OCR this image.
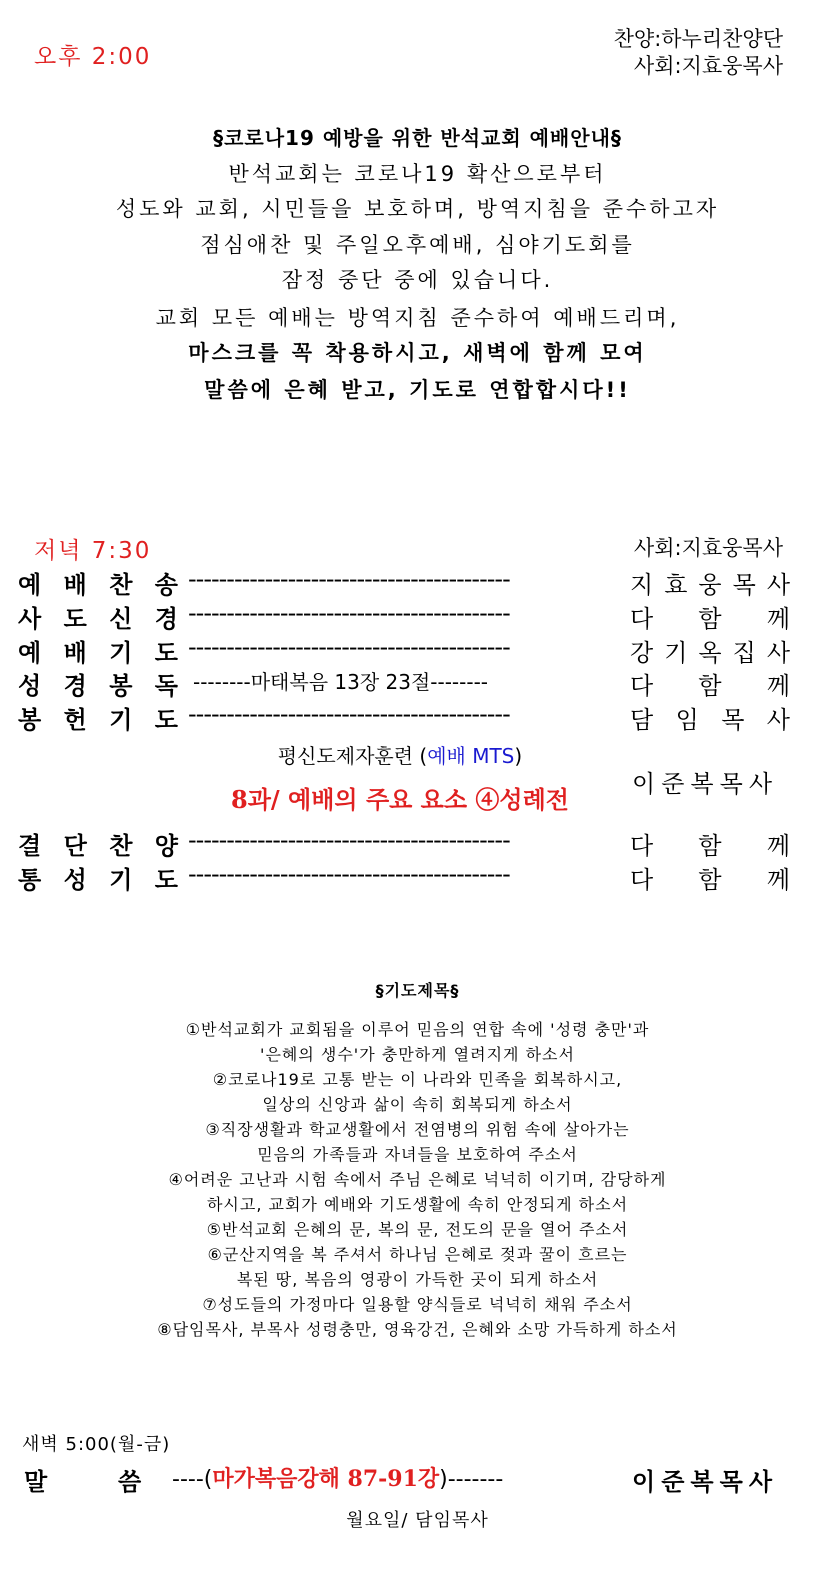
오후 2:00
찬양:하누리찬양단
사회:지효웅목사
§코로나19 예방을 위한 반석교회 예배안내§
반석교회는 코로나19 확산으로부터
성도와 교회, 시민들을 보호하며, 방역지침을 준수하고자
점심애찬 및 주일오후예배, 심야기도회를
잠정 중단 중에 있습니다.
교회 모든 예배는 방역지침 준수하여 예배드리며,
마스크를 꼭 착용하시고, 새벽에 함께 모여
말씀에 은혜 받고, 기도로 연합합시다!!
저녁 7:30	사회:지효웅목사
예 배 찬 송 ------------------------------------------	지 효 웅 목 사
사 도 신 경 ------------------------------------------	다 함 께
예 배 기 도 ------------------------------------------	강 기 옥 집 사
성 경 봉 독 --------마태복음 13장 23절--------	다 함 께
봉 헌 기 도 ------------------------------------------	담 임 목 사
평신도제자훈련 (예배 MTS)
8과/ 예배의 주요 요소 ④성례전
이 준 복 목 사
결 단 찬 양 ------------------------------------------	다 함 께
통 성 기 도 ------------------------------------------	다 함 께
§기도제목§
①반석교회가 교회됨을 이루어 믿음의 연합 속에 '성령 충만'과
'은혜의 생수'가 충만하게 열려지게 하소서
②코로나19로 고통 받는 이 나라와 민족을 회복하시고,
일상의 신앙과 삶이 속히 회복되게 하소서
③직장생활과 학교생활에서 전염병의 위험 속에 살아가는
믿음의 가족들과 자녀들을 보호하여 주소서
④어려운 고난과 시험 속에서 주님 은혜로 넉넉히 이기며, 감당하게
하시고, 교회가 예배와 기도생활에 속히 안정되게 하소서
⑤반석교회 은혜의 문, 복의 문, 전도의 문을 열어 주소서
⑥군산지역을 복 주셔서 하나님 은혜로 젖과 꿀이 흐르는
복된 땅, 복음의 영광이 가득한 곳이 되게 하소서
⑦성도들의 가정마다 일용할 양식들로 넉넉히 채워 주소서
⑧담임목사, 부목사 성령충만, 영육강건, 은혜와 소망 가득하게 하소서
새벽 5:00(월-금)
말	씀 ----(마가복음강해 87-91강)-------	이 준 복 목 사
월요일/ 담임목사
